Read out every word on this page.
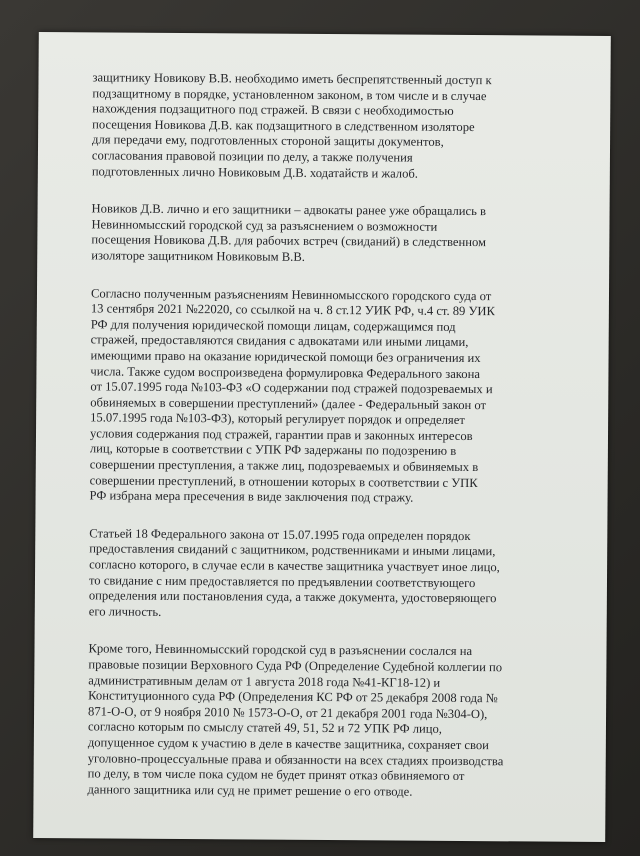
защитнику Новикову В.В. необходимо иметь беспрепятственный доступ к
подзащитному в порядке, установленном законом, в том числе и в случае
нахождения подзащитного под стражей. В связи с необходимостью
посещения Новикова Д.В. как подзащитного в следственном изоляторе
для передачи ему, подготовленных стороной защиты документов,
согласования правовой позиции по делу, а также получения
подготовленных лично Новиковым Д.В. ходатайств и жалоб.

Новиков Д.В. лично и его защитники – адвокаты ранее уже обращались в
Невинномысский городской суд за разъяснением о возможности
посещения Новикова Д.В. для рабочих встреч (свиданий) в следственном
изоляторе защитником Новиковым В.В.

Согласно полученным разъяснениям Невинномысского городского суда от
13 сентября 2021 №22020, со ссылкой на ч. 8 ст.12 УИК РФ, ч.4 ст. 89 УИК
РФ для получения юридической помощи лицам, содержащимся под
стражей, предоставляются свидания с адвокатами или иными лицами,
имеющими право на оказание юридической помощи без ограничения их
числа. Также судом воспроизведена формулировка Федерального закона
от 15.07.1995 года №103-ФЗ «О содержании под стражей подозреваемых и
обвиняемых в совершении преступлений» (далее - Федеральный закон от
15.07.1995 года №103-ФЗ), который регулирует порядок и определяет
условия содержания под стражей, гарантии прав и законных интересов
лиц, которые в соответствии с УПК РФ задержаны по подозрению в
совершении преступления, а также лиц, подозреваемых и обвиняемых в
совершении преступлений, в отношении которых в соответствии с УПК
РФ избрана мера пресечения в виде заключения под стражу.

Статьей 18 Федерального закона от 15.07.1995 года определен порядок
предоставления свиданий с защитником, родственниками и иными лицами,
согласно которого, в случае если в качестве защитника участвует иное лицо,
то свидание с ним предоставляется по предъявлении соответствующего
определения или постановления суда, а также документа, удостоверяющего
его личность.

Кроме того, Невинномысский городской суд в разъяснении сослался на
правовые позиции Верховного Суда РФ (Определение Судебной коллегии по
административным делам от 1 августа 2018 года №41-КГ18-12) и
Конституционного суда РФ (Определения КС РФ от 25 декабря 2008 года №
871-О-О, от 9 ноября 2010 № 1573-О-О, от 21 декабря 2001 года №304-О),
согласно которым по смыслу статей 49, 51, 52 и 72 УПК РФ лицо,
допущенное судом к участию в деле в качестве защитника, сохраняет свои
уголовно-процессуальные права и обязанности на всех стадиях производства
по делу, в том числе пока судом не будет принят отказ обвиняемого от
данного защитника или суд не примет решение о его отводе.
